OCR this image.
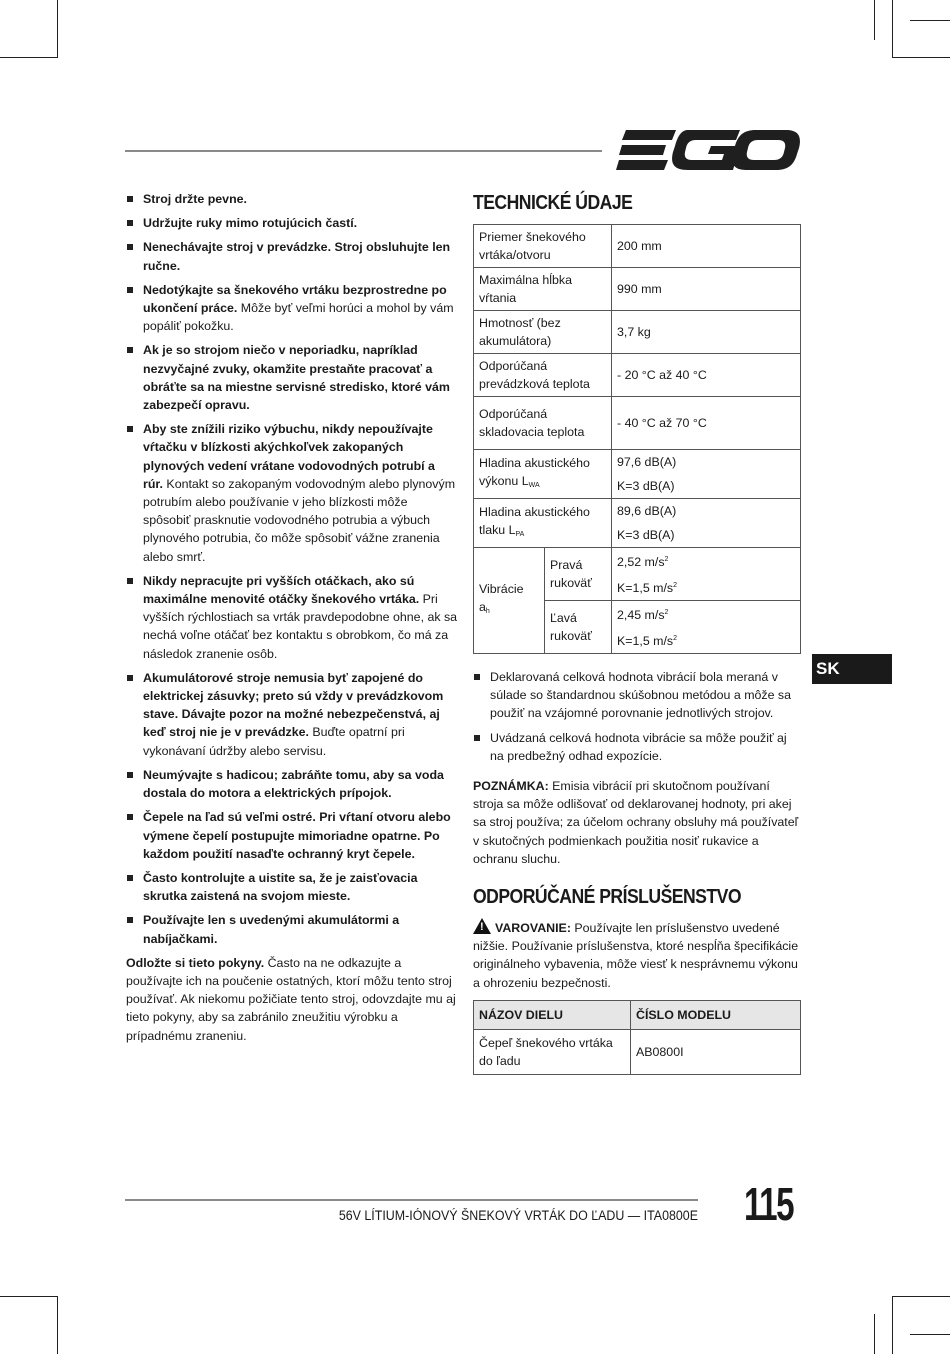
Stroj držte pevne.
Udržujte ruky mimo rotujúcich častí.
Nenechávajte stroj v prevádzke. Stroj obsluhujte len ručne.
Nedotýkajte sa šnekového vrtáku bezprostredne po ukončení práce. Môže byť veľmi horúci a mohol by vám popáliť pokožku.
Ak je so strojom niečo v neporiadku, napríklad nezvyčajné zvuky, okamžite prestaňte pracovať a obráťte sa na miestne servisné stredisko, ktoré vám zabezpečí opravu.
Aby ste znížili riziko výbuchu, nikdy nepoužívajte vŕtačku v blízkosti akýchkoľvek zakopaných plynových vedení vrátane vodovodných potrubí a rúr. Kontakt so zakopaným vodovodným alebo plynovým potrubím alebo používanie v jeho blízkosti môže spôsobiť prasknutie vodovodného potrubia a výbuch plynového potrubia, čo môže spôsobiť vážne zranenia alebo smrť.
Nikdy nepracujte pri vyšších otáčkach, ako sú maximálne menovité otáčky šnekového vrtáka. Pri vyšších rýchlostiach sa vrták pravdepodobne ohne, ak sa nechá voľne otáčať bez kontaktu s obrobkom, čo má za následok zranenie osôb.
Akumulátorové stroje nemusia byť zapojené do elektrickej zásuvky; preto sú vždy v prevádzkovom stave. Dávajte pozor na možné nebezpečenstvá, aj keď stroj nie je v prevádzke. Buďte opatrní pri vykonávaní údržby alebo servisu.
Neumývajte s hadicou; zabráňte tomu, aby sa voda dostala do motora a elektrických prípojok.
Čepele na ľad sú veľmi ostré. Pri vŕtaní otvoru alebo výmene čepelí postupujte mimoriadne opatrne. Po každom použití nasaďte ochranný kryt čepele.
Často kontrolujte a uistite sa, že je zaisťovacia skrutka zaistená na svojom mieste.
Používajte len s uvedenými akumulátormi a nabíjačkami.

Odložte si tieto pokyny. Často na ne odkazujte a používajte ich na poučenie ostatných, ktorí môžu tento stroj používať. Ak niekomu požičiate tento stroj, odovzdajte mu aj tieto pokyny, aby sa zabránilo zneužitiu výrobku a prípadnému zraneniu.

TECHNICKÉ ÚDAJE
Priemer šnekového vrtáka/otvoru		200 mm
Maximálna hĺbka vŕtania		990 mm
Hmotnosť (bez akumulátora)		3,7 kg
Odporúčaná prevádzková teplota		- 20 °C až 40 °C
Odporúčaná skladovacia teplota		- 40 °C až 70 °C
Hladina akustického výkonu $L_{WA}$		97,6 dB(A)
		K=3 dB(A)
Hladina akustického tlaku $L_{PA}$		89,6 dB(A)
		K=3 dB(A)
Vibrácie
$a_h$	Pravá rukoväť	2,52 $m/s^2$
		K=1,5 $m/s^2$
	Ľavá rukoväť	2,45 $m/s^2$
		K=1,5 $m/s^2$
Deklarovaná celková hodnota vibrácií bola meraná v súlade so štandardnou skúšobnou metódou a môže sa použiť na vzájomné porovnanie jednotlivých strojov.
Uvádzaná celková hodnota vibrácie sa môže použiť aj na predbežný odhad expozície.

POZNÁMKA: Emisia vibrácií pri skutočnom používaní stroja sa môže odlišovať od deklarovanej hodnoty, pri akej sa stroj používa; za účelom ochrany obsluhy má používateľ v skutočných podmienkach použitia nosiť rukavice a ochranu sluchu.

ODPORÚČANÉ PRÍSLUŠENSTVO

! VAROVANIE: Používajte len príslušenstvo uvedené nižšie. Používanie príslušenstva, ktoré nespĺňa špecifikácie originálneho vybavenia, môže viesť k nesprávnemu výkonu a ohrozeniu bezpečnosti.

NÁZOV DIELU	ČÍSLO MODELU
Čepeľ šnekového vrtáka do ľadu	AB0800I
SK
56V LÍTIUM-IÓNOVÝ ŠNEKOVÝ VRTÁK DO ĽADU — ITA0800E 115
